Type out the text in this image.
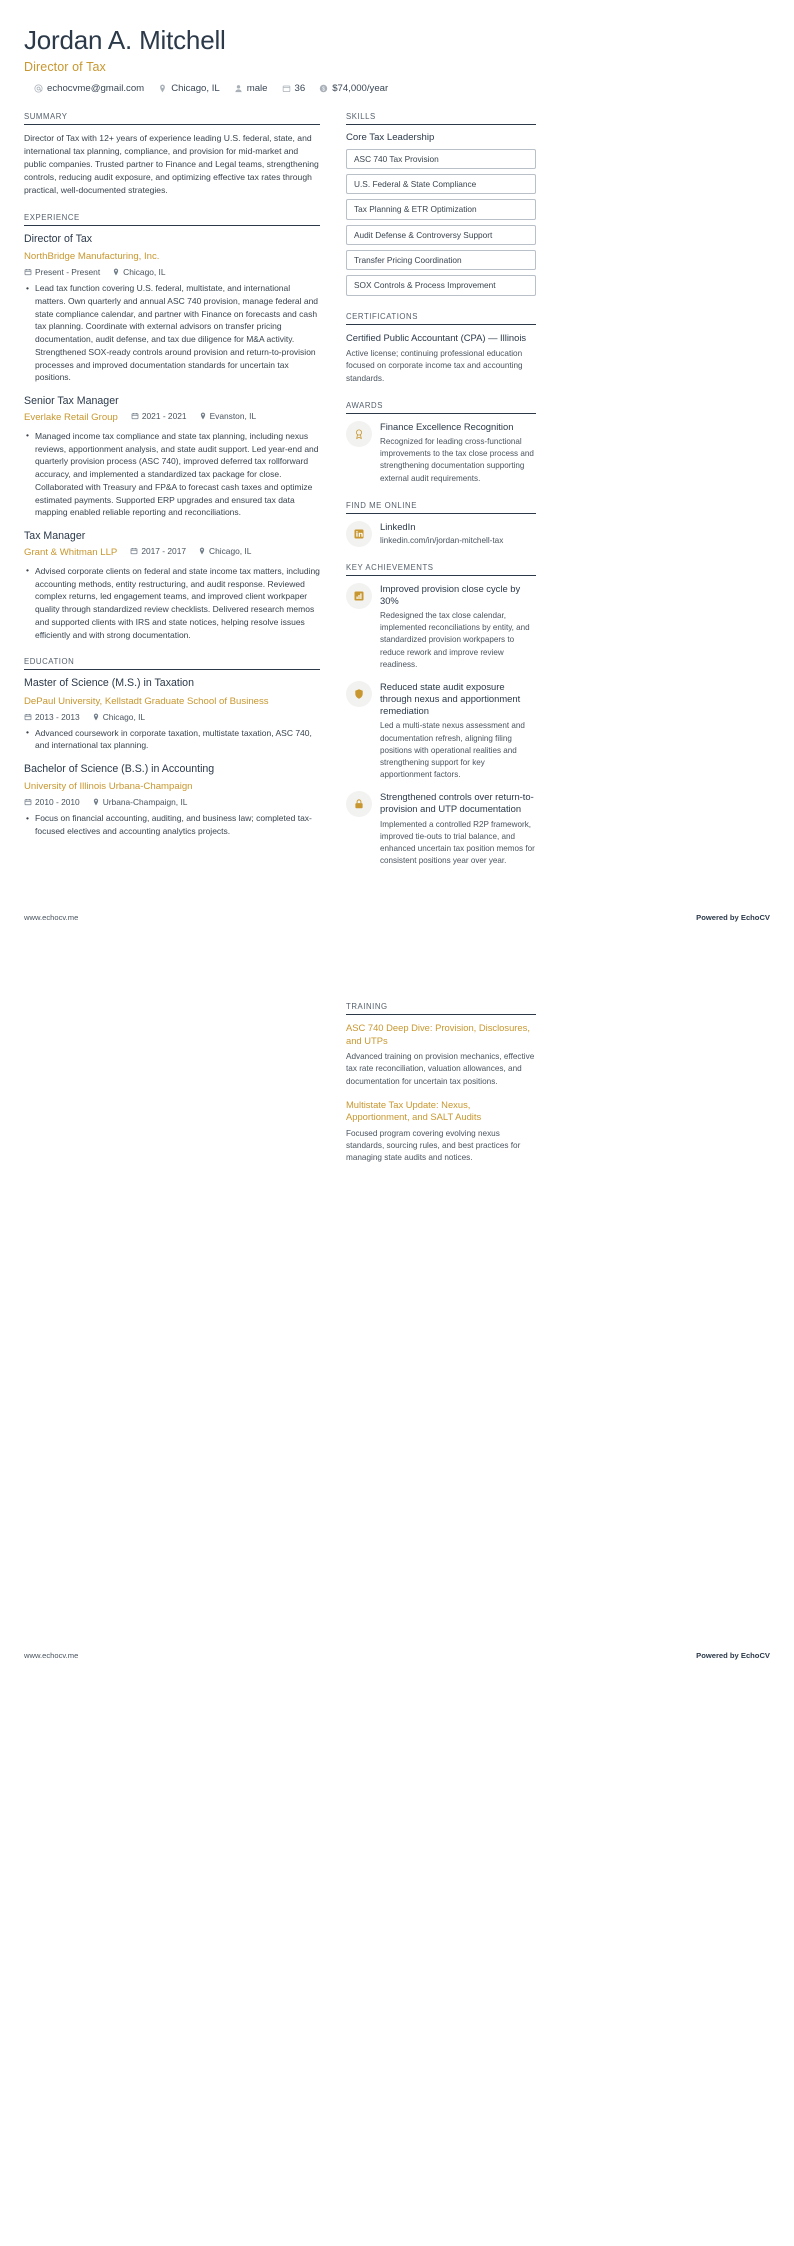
Jordan A. Mitchell
Director of Tax
echocvme@gmail.com	Chicago, IL	male	36 $ $74,000/year
SUMMARY
Director of Tax with 12+ years of experience leading U.S. federal, state, and international tax planning, compliance, and provision for mid-market and public companies. Trusted partner to Finance and Legal teams, strengthening controls, reducing audit exposure, and optimizing effective tax rates through practical, well-documented strategies.
EXPERIENCE
Director of Tax
NorthBridge Manufacturing, Inc.
Present - Present	Chicago, IL
• Lead tax function covering U.S. federal, multistate, and international matters. Own quarterly and annual ASC 740 provision, manage federal and state compliance calendar, and partner with Finance on forecasts and cash tax planning. Coordinate with external advisors on transfer pricing documentation, audit defense, and tax due diligence for M&A activity. Strengthened SOX-ready controls around provision and return-to-provision processes and improved documentation standards for uncertain tax positions.
Senior Tax Manager
Everlake Retail Group	2021 - 2021	Evanston, IL
• Managed income tax compliance and state tax planning, including nexus reviews, apportionment analysis, and state audit support. Led year-end and quarterly provision process (ASC 740), improved deferred tax rollforward accuracy, and implemented a standardized tax package for close. Collaborated with Treasury and FP&A to forecast cash taxes and optimize estimated payments. Supported ERP upgrades and ensured tax data mapping enabled reliable reporting and reconciliations.
Tax Manager
Grant & Whitman LLP	2017 - 2017	Chicago, IL
• Advised corporate clients on federal and state income tax matters, including accounting methods, entity restructuring, and audit response. Reviewed complex returns, led engagement teams, and improved client workpaper quality through standardized review checklists. Delivered research memos and supported clients with IRS and state notices, helping resolve issues efficiently and with strong documentation.
EDUCATION
Master of Science (M.S.) in Taxation
DePaul University, Kellstadt Graduate School of Business
2013 - 2013	Chicago, IL
• Advanced coursework in corporate taxation, multistate taxation, ASC 740, and international tax planning.
Bachelor of Science (B.S.) in Accounting
University of Illinois Urbana-Champaign
2010 - 2010	Urbana-Champaign, IL
• Focus on financial accounting, auditing, and business law; completed tax-focused electives and accounting analytics projects.
SKILLS
Core Tax Leadership
ASC 740 Tax Provision
U.S. Federal & State Compliance
Tax Planning & ETR Optimization
Audit Defense & Controversy Support
Transfer Pricing Coordination
SOX Controls & Process Improvement
CERTIFICATIONS
Certified Public Accountant (CPA) — Illinois
Active license; continuing professional education focused on corporate income tax and accounting standards.
AWARDS
Finance Excellence Recognition
Recognized for leading cross-functional improvements to the tax close process and strengthening documentation supporting external audit requirements.
FIND ME ONLINE
LinkedIn
linkedin.com/in/jordan-mitchell-tax
KEY ACHIEVEMENTS
Improved provision close cycle by 30%
Redesigned the tax close calendar, implemented reconciliations by entity, and standardized provision workpapers to reduce rework and improve review readiness.
Reduced state audit exposure through nexus and apportionment remediation
Led a multi-state nexus assessment and documentation refresh, aligning filing positions with operational realities and strengthening support for key apportionment factors.
Strengthened controls over return-to-provision and UTP documentation
Implemented a controlled R2P framework, improved tie-outs to trial balance, and enhanced uncertain tax position memos for consistent positions year over year.
www.echocv.me	Powered by EchoCV
TRAINING
ASC 740 Deep Dive: Provision, Disclosures, and UTPs
Advanced training on provision mechanics, effective tax rate reconciliation, valuation allowances, and documentation for uncertain tax positions.
Multistate Tax Update: Nexus, Apportionment, and SALT Audits
Focused program covering evolving nexus standards, sourcing rules, and best practices for managing state audits and notices.
www.echocv.me	Powered by EchoCV
